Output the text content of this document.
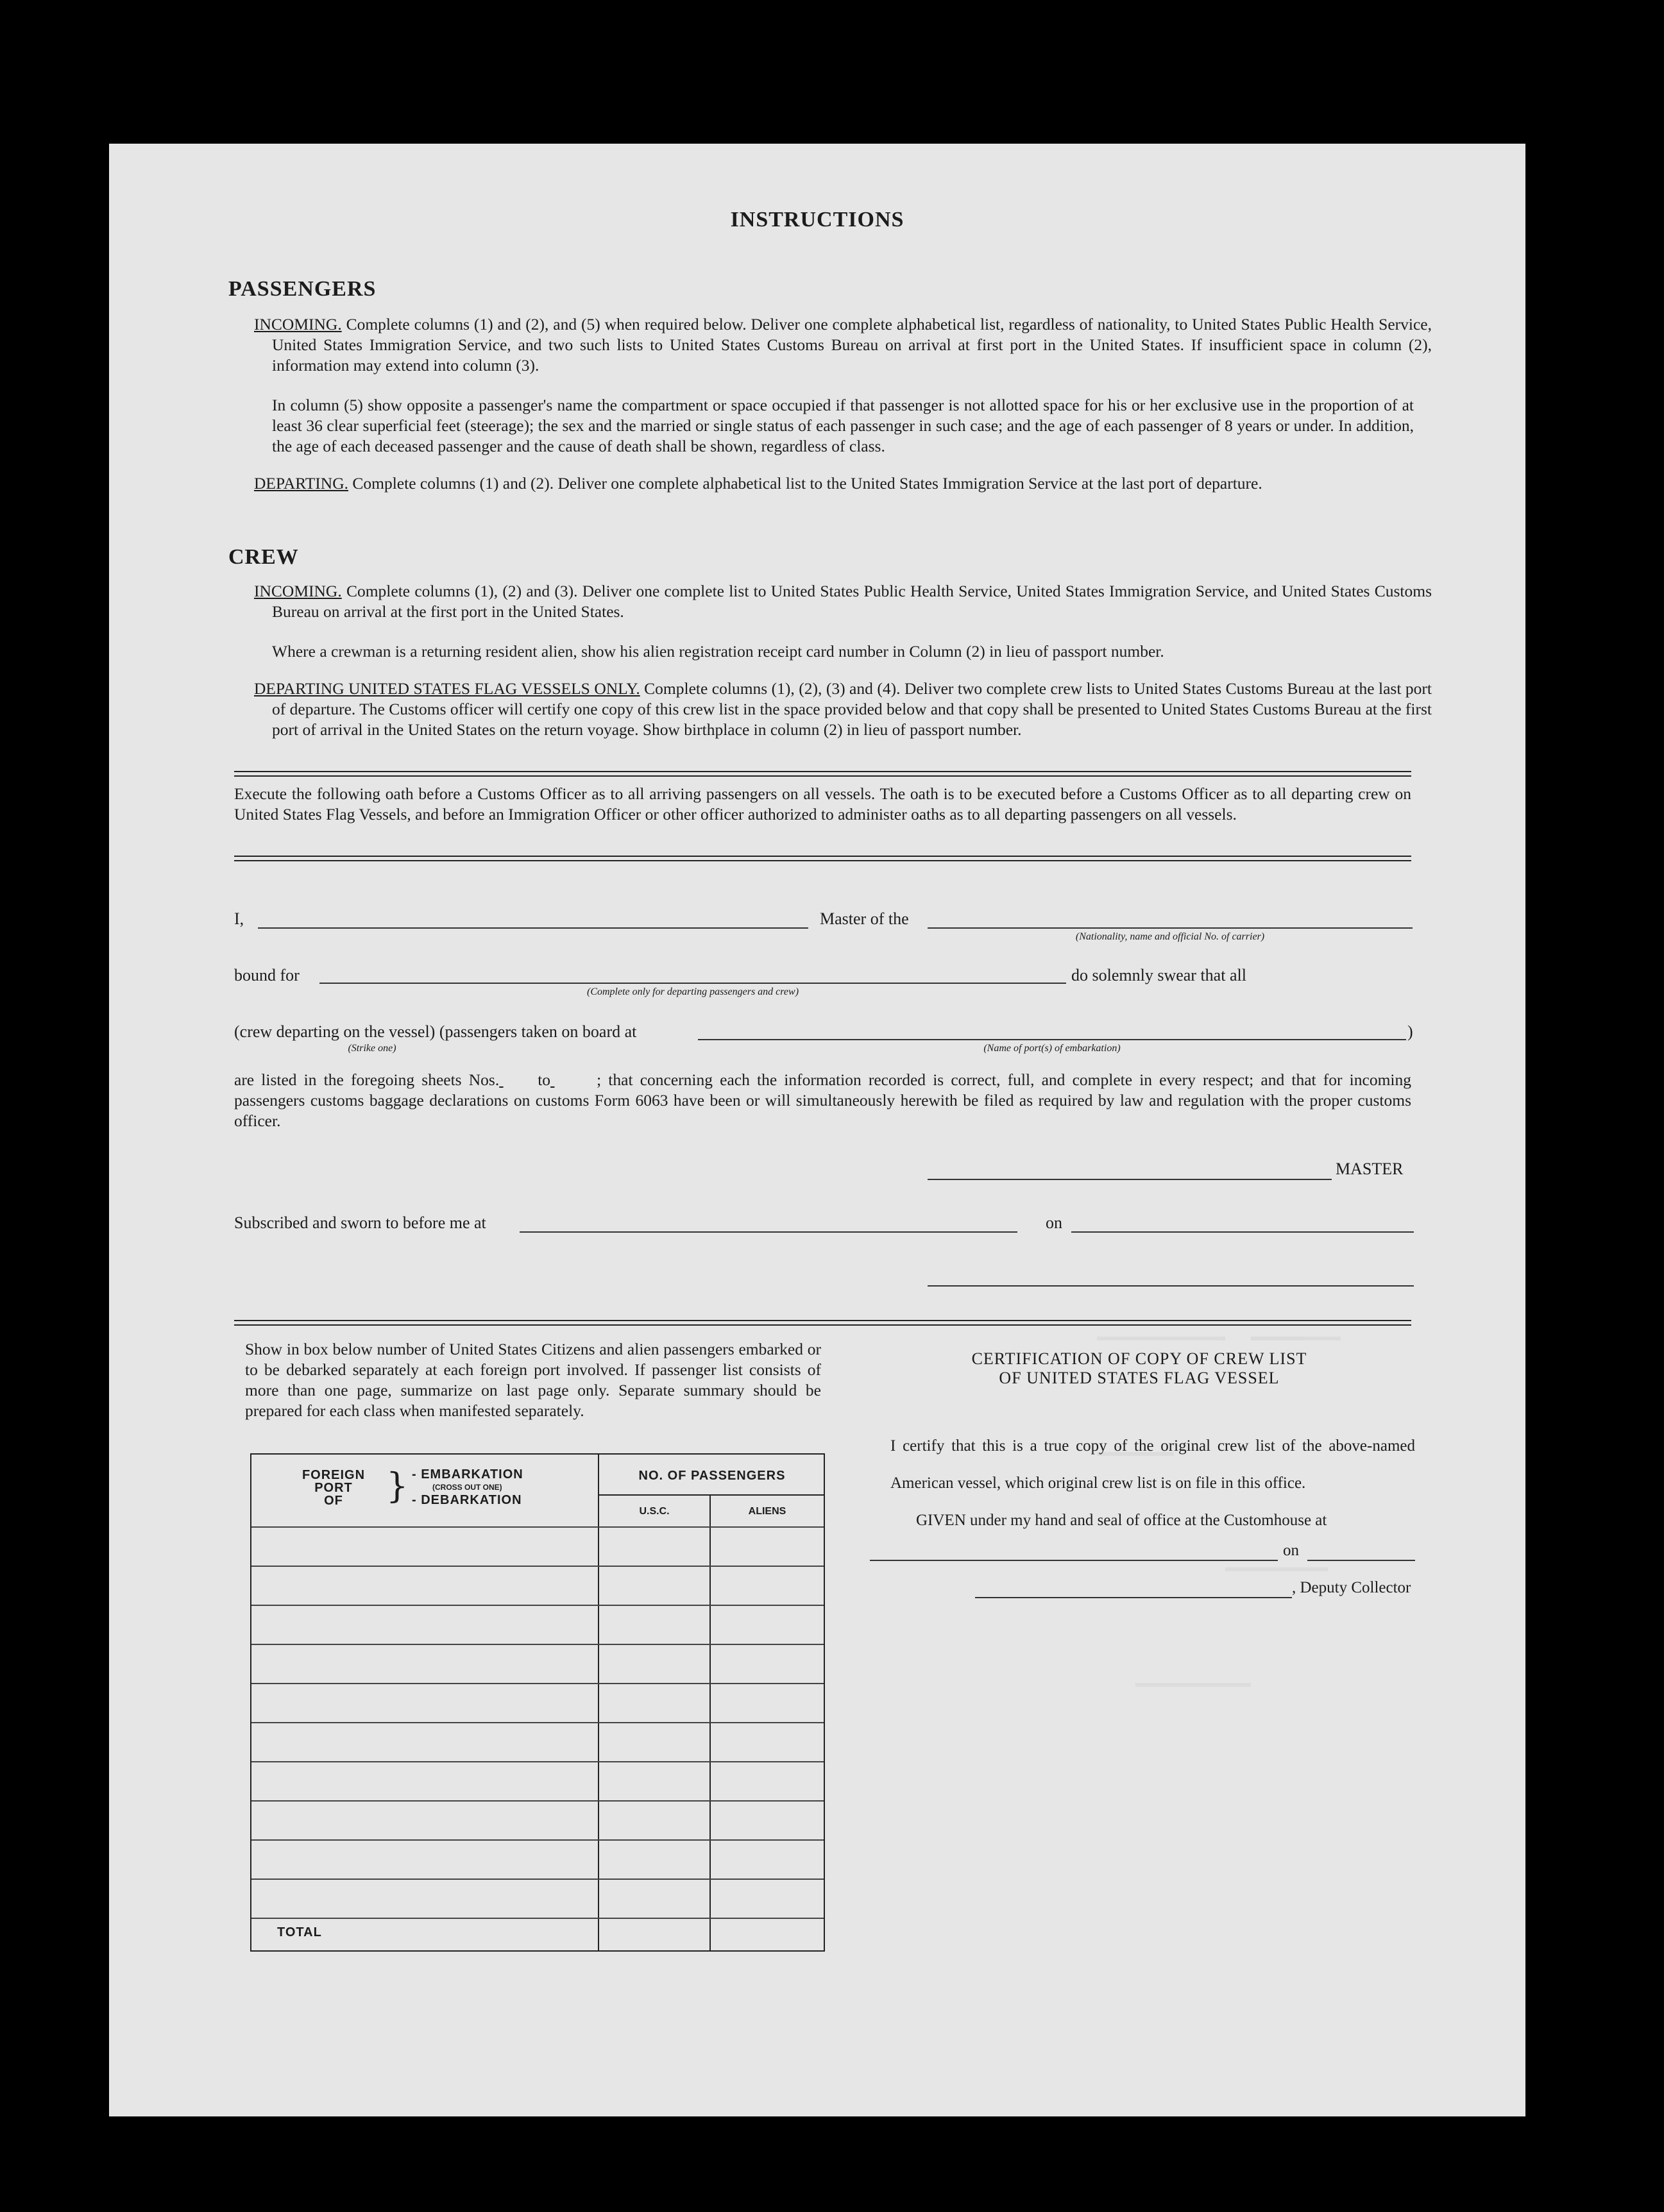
INSTRUCTIONS
PASSENGERS
INCOMING. Complete columns (1) and (2), and (5) when required below. Deliver one complete alphabetical list, regardless of nationality, to United States Public Health Service, United States Immigration Service, and two such lists to United States Customs Bureau on arrival at first port in the United States. If insufficient space in column (2), information may extend into column (3).
In column (5) show opposite a passenger's name the compartment or space occupied if that passenger is not allotted space for his or her exclusive use in the proportion of at least 36 clear superficial feet (steerage); the sex and the married or single status of each passenger in such case; and the age of each passenger of 8 years or under. In addition, the age of each deceased passenger and the cause of death shall be shown, regardless of class.
DEPARTING. Complete columns (1) and (2). Deliver one complete alphabetical list to the United States Immigration Service at the last port of departure.
CREW
INCOMING. Complete columns (1), (2) and (3). Deliver one complete list to United States Public Health Service, United States Immigration Service, and United States Customs Bureau on arrival at the first port in the United States.
Where a crewman is a returning resident alien, show his alien registration receipt card number in Column (2) in lieu of passport number.
DEPARTING UNITED STATES FLAG VESSELS ONLY. Complete columns (1), (2), (3) and (4). Deliver two complete crew lists to United States Customs Bureau at the last port of departure. The Customs officer will certify one copy of this crew list in the space provided below and that copy shall be presented to United States Customs Bureau at the first port of arrival in the United States on the return voyage. Show birthplace in column (2) in lieu of passport number.
Execute the following oath before a Customs Officer as to all arriving passengers on all vessels. The oath is to be executed before a Customs Officer as to all departing crew on United States Flag Vessels, and before an Immigration Officer or other officer authorized to administer oaths as to all departing passengers on all vessels.
I,	Master of the
(Nationality, name and official No. of carrier)
bound for
(Complete only for departing passengers and crew)
do solemnly swear that all
(crew departing on the vessel) (passengers taken on board at
(Strike one)	(Name of port(s) of embarkation)
)
are listed in the foregoing sheets Nos. to	; that concerning each the information recorded is correct, full, and complete in every respect; and that for incoming passengers customs baggage declarations on customs Form 6063 have been or will simultaneously herewith be filed as required by law and regulation with the proper customs officer.
MASTER
Subscribed and sworn to before me at	on
Show in box below number of United States Citizens and alien passengers embarked or to be debarked separately at each foreign port involved. If passenger list consists of more than one page, summarize on last page only. Separate summary should be prepared for each class when manifested separately.
FOREIGN
PORT
OF	} - EMBARKATION
(CROSS OUT ONE)
- DEBARKATION
NO. OF PASSENGERS
U.S.C.	ALIENS
TOTAL
CERTIFICATION OF COPY OF CREW LIST
OF UNITED STATES FLAG VESSEL
I certify that this is a true copy of the original crew list of the above-named American vessel, which original crew list is on file in this office.
GIVEN under my hand and seal of office at the Customhouse at
on
, Deputy Collector
